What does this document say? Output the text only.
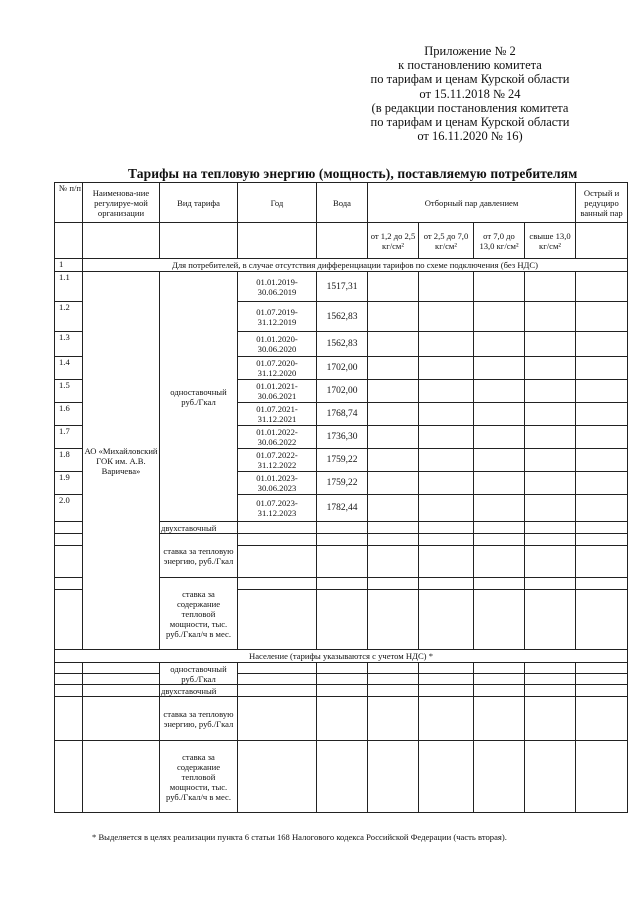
Приложение № 2
к постановлению комитета
по тарифам и ценам Курской области
от 15.11.2018 № 24
(в редакции постановления комитета
по тарифам и ценам Курской области
от 16.11.2020 № 16)
Тарифы на тепловую энергию (мощность), поставляемую потребителям
№ п/п	Наименова-ние регулируе-мой организации	Вид тарифа	Год	Вода	Отборный пар давлением				Острый и редуциро ванный пар
					от 1,2 до 2,5 кг/см²	от 2,5 до 7,0 кг/см²	от 7,0 до 13,0 кг/см²	свыше 13,0 кг/см²	
1	Для потребителей, в случае отсутствия дифференциации тарифов по схеме подключения (без НДС)								
1.1	АО «Михайловский ГОК им. А.В. Варичева»	одноставочный руб./Гкал	01.01.2019-30.06.2019	1517,31					
1.2			01.07.2019-31.12.2019	1562,83					
1.3			01.01.2020-30.06.2020	1562,83					
1.4			01.07.2020-31.12.2020	1702,00					
1.5			01.01.2021-30.06.2021	1702,00					
1.6			01.07.2021-31.12.2021	1768,74					
1.7			01.01.2022-30.06.2022	1736,30					
1.8			01.07.2022-31.12.2022	1759,22					
1.9			01.01.2023-30.06.2023	1759,22					
2.0			01.07.2023-31.12.2023	1782,44					
		двухставочный							
		ставка за тепловую энергию, руб./Гкал							

		ставка за содержание тепловой мощности, тыс. руб./Гкал/ч в мес.							

Население (тарифы указываются с учетом НДС) *									
		одноставочный руб./Гкал							

		двухставочный							
		ставка за тепловую энергию, руб./Гкал							
		ставка за содержание тепловой мощности, тыс. руб./Гкал/ч в мес.							
* Выделяется в целях реализации пункта 6 статьи 168 Налогового кодекса Российской Федерации (часть вторая).
